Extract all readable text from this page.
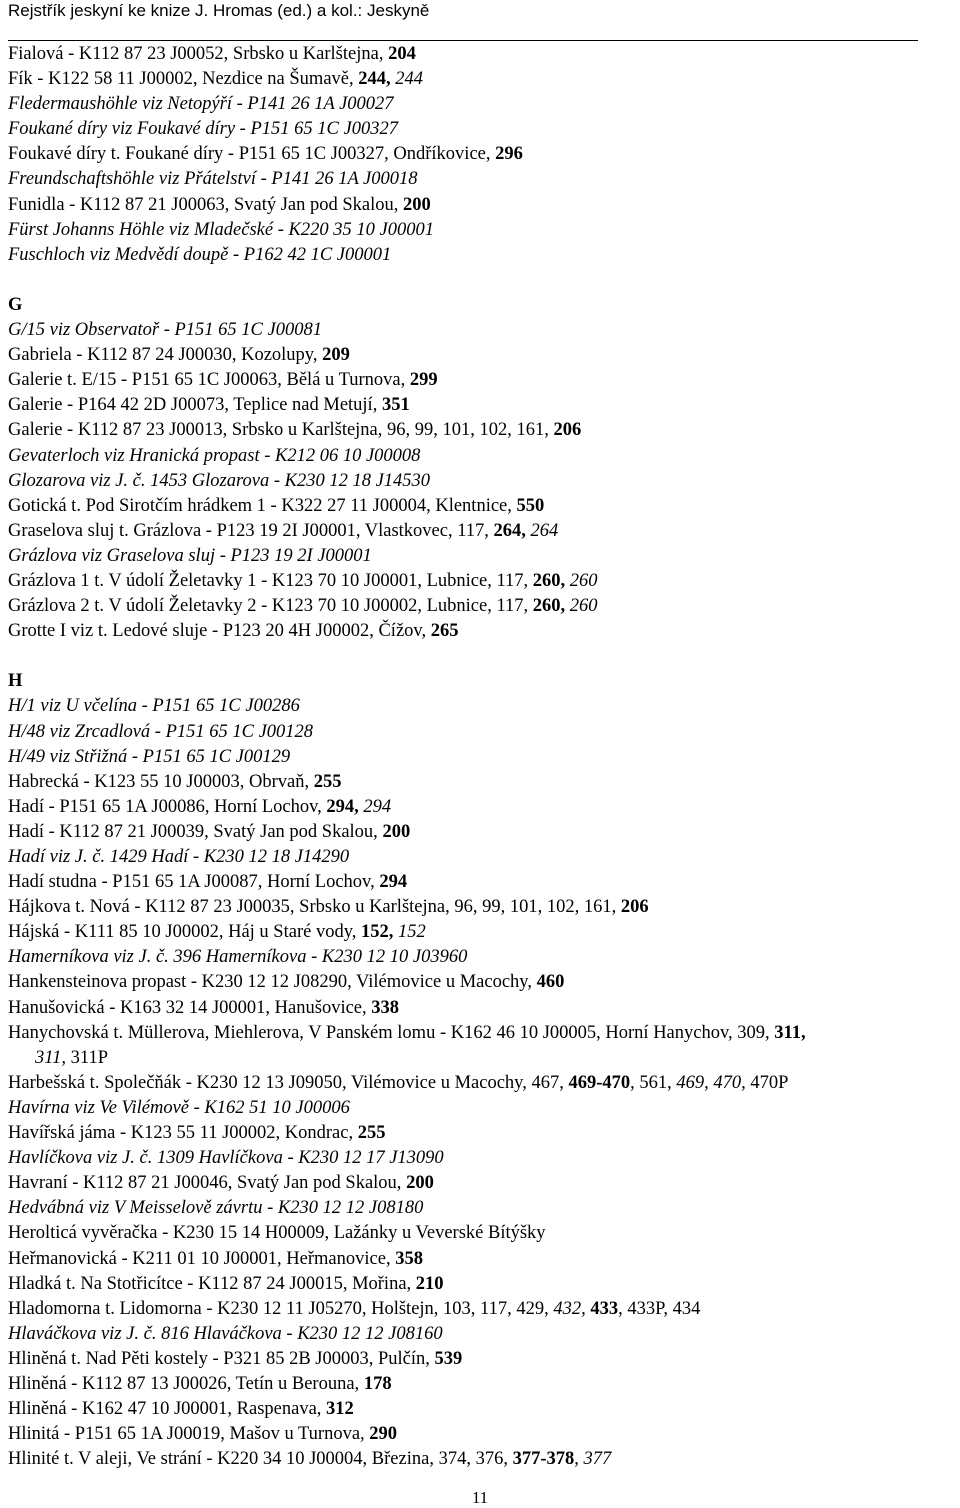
Rejstřík jeskyní ke knize J. Hromas (ed.) a kol.: Jeskyně
Fialová - K112 87 23 J00052, Srbsko u Karlštejna, 204
Fík - K122 58 11 J00002, Nezdice na Šumavě, 244, 244
Fledermaushöhle viz Netopýří - P141 26 1A J00027
Foukané díry viz Foukavé díry - P151 65 1C J00327
Foukavé díry t. Foukané díry - P151 65 1C J00327, Ondříkovice, 296
Freundschaftshöhle viz Přátelství - P141 26 1A J00018
Funidla - K112 87 21 J00063, Svatý Jan pod Skalou, 200
Fürst Johanns Höhle viz Mladečské - K220 35 10 J00001
Fuschloch viz Medvědí doupě - P162 42 1C J00001
G
G/15 viz Observatoř - P151 65 1C J00081
Gabriela - K112 87 24 J00030, Kozolupy, 209
Galerie t. E/15 - P151 65 1C J00063, Bělá u Turnova, 299
Galerie - P164 42 2D J00073, Teplice nad Metují, 351
Galerie - K112 87 23 J00013, Srbsko u Karlštejna, 96, 99, 101, 102, 161, 206
Gevaterloch viz Hranická propast - K212 06 10 J00008
Glozarova viz J. č. 1453 Glozarova - K230 12 18 J14530
Gotická t. Pod Sirotčím hrádkem 1 - K322 27 11 J00004, Klentnice, 550
Graselova sluj t. Grázlova - P123 19 2I J00001, Vlastkovec, 117, 264, 264
Grázlova viz Graselova sluj - P123 19 2I J00001
Grázlova 1 t. V údolí Želetavky 1 - K123 70 10 J00001, Lubnice, 117, 260, 260
Grázlova 2 t. V údolí Želetavky 2 - K123 70 10 J00002, Lubnice, 117, 260, 260
Grotte I viz t. Ledové sluje - P123 20 4H J00002, Čížov, 265
H
H/1 viz U včelína - P151 65 1C J00286
H/48 viz Zrcadlová - P151 65 1C J00128
H/49 viz Střižná - P151 65 1C J00129
Habrecká - K123 55 10 J00003, Obrvaň, 255
Hadí - P151 65 1A J00086, Horní Lochov, 294, 294
Hadí - K112 87 21 J00039, Svatý Jan pod Skalou, 200
Hadí viz J. č. 1429 Hadí - K230 12 18 J14290
Hadí studna - P151 65 1A J00087, Horní Lochov, 294
Hájkova t. Nová - K112 87 23 J00035, Srbsko u Karlštejna, 96, 99, 101, 102, 161, 206
Hájská - K111 85 10 J00002, Háj u Staré vody, 152, 152
Hamerníkova viz J. č. 396 Hamerníkova - K230 12 10 J03960
Hankensteinova propast - K230 12 12 J08290, Vilémovice u Macochy, 460
Hanušovická - K163 32 14 J00001, Hanušovice, 338
Hanychovská t. Müllerova, Miehlerova, V Panském lomu - K162 46 10 J00005, Horní Hanychov, 309, 311,
311, 311P
Harbešská t. Společňák - K230 12 13 J09050, Vilémovice u Macochy, 467, 469-470, 561, 469, 470, 470P
Havírna viz Ve Vilémově - K162 51 10 J00006
Havířská jáma - K123 55 11 J00002, Kondrac, 255
Havlíčkova viz J. č. 1309 Havlíčkova - K230 12 17 J13090
Havraní - K112 87 21 J00046, Svatý Jan pod Skalou, 200
Hedvábná viz V Meisselově závrtu - K230 12 12 J08180
Herolticá vyvěračka - K230 15 14 H00009, Lažánky u Veverské Bítýšky
Heřmanovická - K211 01 10 J00001, Heřmanovice, 358
Hladká t. Na Stotřicítce - K112 87 24 J00015, Mořina, 210
Hladomorna t. Lidomorna - K230 12 11 J05270, Holštejn, 103, 117, 429, 432, 433, 433P, 434
Hlaváčkova viz J. č. 816 Hlaváčkova - K230 12 12 J08160
Hliněná t. Nad Pěti kostely - P321 85 2B J00003, Pulčín, 539
Hliněná - K112 87 13 J00026, Tetín u Berouna, 178
Hliněná - K162 47 10 J00001, Raspenava, 312
Hlinitá - P151 65 1A J00019, Mašov u Turnova, 290
Hlinité t. V aleji, Ve strání - K220 34 10 J00004, Březina, 374, 376, 377-378, 377
11
